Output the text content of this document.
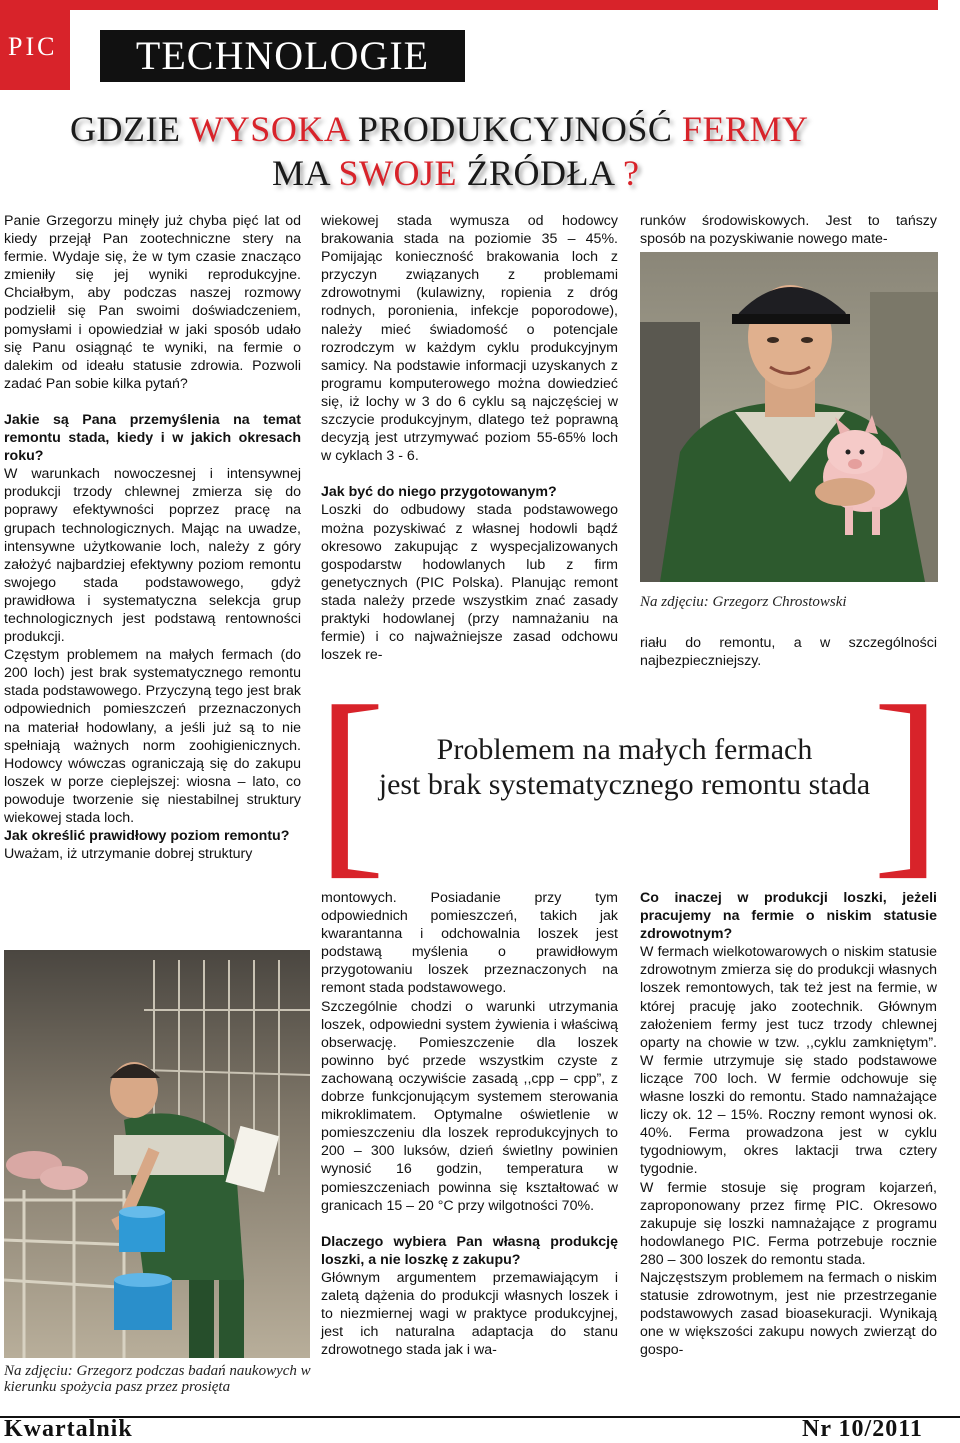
PIC	TECHNOLOGIE
GDZIE WYSOKA PRODUKCYJNOŚĆ FERMY
MA SWOJE ŹRÓDŁA ?

Panie Grzegorzu minęły już chyba pięć lat od kiedy przejął Pan zootechniczne stery na fermie. Wydaje się, że w tym czasie znacząco zmieniły się jej wyniki reprodukcyjne. Chciałbym, aby podczas naszej rozmowy podzielił się Pan swoimi doświadczeniem, pomysłami i opowiedział w jaki sposób udało się Panu osiągnąć te wyniki, na fermie o dalekim od ideału statusie zdrowia. Pozwoli zadać Pan sobie kilka pytań?

Jakie są Pana przemyślenia na temat remontu stada, kiedy i w jakich okresach roku?

W warunkach nowoczesnej i intensywnej produkcji trzody chlewnej zmierza się do poprawy efektywności poprzez pracę na grupach technologicznych. Mając na uwadze, intensywne użytkowanie loch, należy z góry założyć najbardziej efektywny poziom remontu swojego stada podstawowego, gdyż prawidłowa i systematyczna selekcja grup technologicznych jest podstawą rentowności produkcji.

Częstym problemem na małych fermach (do 200 loch) jest brak systematycznego remontu stada podstawowego. Przyczyną tego jest brak odpowiednich pomieszczeń przeznaczonych na materiał hodowlany, a jeśli już są to nie spełniają ważnych norm zoohigienicznych. Hodowcy wówczas ograniczają się do zakupu loszek w porze cieplejszej: wiosna – lato, co powoduje tworzenie się niestabilnej struktury wiekowej stada loch.

Jak określić prawidłowy poziom remontu?

Uważam, iż utrzymanie dobrej struktury

wiekowej stada wymusza od hodowcy brakowania stada na poziomie 35 – 45%. Pomijając konieczność brakowania loch z przyczyn związanych z problemami zdrowotnymi (kulawizny, ropienia z dróg rodnych, poronienia, infekcje poporodowe), należy mieć świadomość o potencjale rozrodczym w każdym cyklu produkcyjnym samicy. Na podstawie informacji uzyskanych z programu komputerowego można dowiedzieć się, iż lochy w 3 do 6 cyklu są najczęściej w szczycie produkcyjnym, dlatego też poprawną decyzją jest utrzymywać poziom 55-65% loch w cyklach 3 - 6.

Jak być do niego przygotowanym?

Loszki do odbudowy stada podstawowego można pozyskiwać z własnej hodowli bądź okresowo zakupując z wyspecjalizowanych gospodarstw hodowlanych lub z firm genetycznych (PIC Polska). Planując remont stada należy przede wszystkim znać zasady praktyki hodowlanej (przy namnażaniu na fermie) i co najważniejsze zasad odchowu loszek re-

runków środowiskowych. Jest to tańszy sposób na pozyskiwanie nowego mate-

Na zdjęciu: Grzegorz Chrostowski

riału do remontu, a w szczególności najbezpieczniejszy.

[ ]
Problemem na małych fermach
jest brak systematycznego remontu stada
Na zdjęciu: Grzegorz podczas badań naukowych w kierunku spożycia pasz przez prosięta

montowych. Posiadanie przy tym odpowiednich pomieszczeń, takich jak kwarantanna i odchowalnia loszek jest podstawą myślenia o prawidłowym przygotowaniu loszek przeznaczonych na remont stada podstawowego.

Szczególnie chodzi o warunki utrzymania loszek, odpowiedni system żywienia i właściwą obserwację. Pomieszczenie dla loszek powinno być przede wszystkim czyste z zachowaną oczywiście zasadą ,,cpp – cpp”, z dobrze funkcjonującym systemem sterowania mikroklimatem. Optymalne oświetlenie w pomieszczeniu dla loszek reprodukcyjnych to 200 – 300 luksów, dzień świetlny powinien wynosić 16 godzin, temperatura w pomieszczeniach powinna się kształtować w granicach 15 – 20 °C przy wilgotności 70%.

Dlaczego wybiera Pan własną produkcję loszki, a nie loszkę z zakupu?

Głównym argumentem przemawiającym i zaletą dążenia do produkcji własnych loszek i to niezmiernej wagi w praktyce produkcyjnej, jest ich naturalna adaptacja do stanu zdrowotnego stada jak i wa-

Co inaczej w produkcji loszki, jeżeli pracujemy na fermie o niskim statusie zdrowotnym?

W fermach wielkotowarowych o niskim statusie zdrowotnym zmierza się do produkcji własnych loszek remontowych, tak też jest na fermie, w której pracuję jako zootechnik. Głównym założeniem fermy jest tucz trzody chlewnej oparty na chowie w tzw. ,,cyklu zamkniętym”. W fermie utrzymuje się stado podstawowe liczące 700 loch. W fermie odchowuje się własne loszki do remontu. Stado namnażające liczy ok. 12 – 15%. Roczny remont wynosi ok. 40%. Ferma prowadzona jest w cyklu tygodniowym, okres laktacji trwa cztery tygodnie.

W fermie stosuje się program kojarzeń, zaproponowany przez firmę PIC. Okresowo zakupuje się loszki namnażające z programu hodowlanego PIC. Ferma potrzebuje rocznie 280 – 300 loszek do remontu stada.

Najczęstszym problemem na fermach o niskim statusie zdrowotnym, jest nie przestrzeganie podstawowych zasad bioasekuracji. Wynikają one w większości zakupu nowych zwierząt do gospo-

Kwartalnik	Nr 10/2011
